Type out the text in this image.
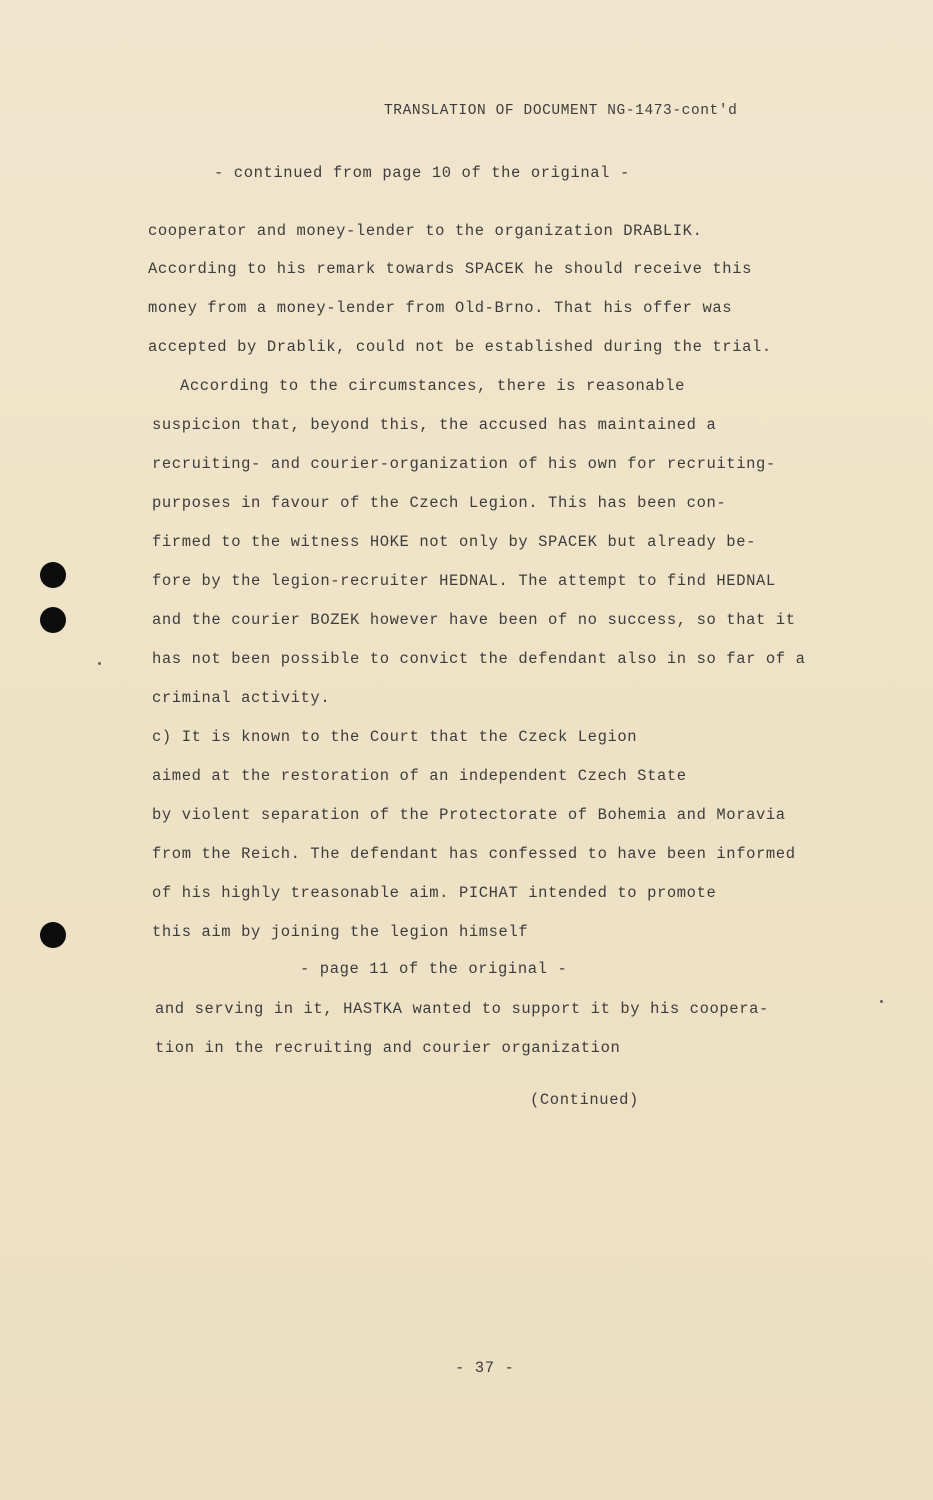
TRANSLATION OF DOCUMENT NG-1473-cont'd
- continued from page 10 of the original -
cooperator and money-lender to the organization DRABLIK.
According to his remark towards SPACEK he should receive this
money from a money-lender from Old-Brno. That his offer was
accepted by Drablik, could not be established during the trial.
According to the circumstances, there is reasonable
suspicion that, beyond this, the accused has maintained a
recruiting- and courier-organization of his own for recruiting-
purposes in favour of the Czech Legion. This has been con-
firmed to the witness HOKE not only by SPACEK but already be-
fore by the legion-recruiter HEDNAL. The attempt to find HEDNAL
and the courier BOZEK however have been of no success, so that it
has not been possible to convict the defendant also in so far of a
criminal activity.
c) It is known to the Court that the Czeck Legion
aimed at the restoration of an independent Czech State
by violent separation of the Protectorate of Bohemia and Moravia
from the Reich. The defendant has confessed to have been informed
of his highly treasonable aim. PICHAT intended to promote
this aim by joining the legion himself
- page 11 of the original -
and serving in it, HASTKA wanted to support it by his coopera-
tion in the recruiting and courier organization
(Continued)
- 37 -
